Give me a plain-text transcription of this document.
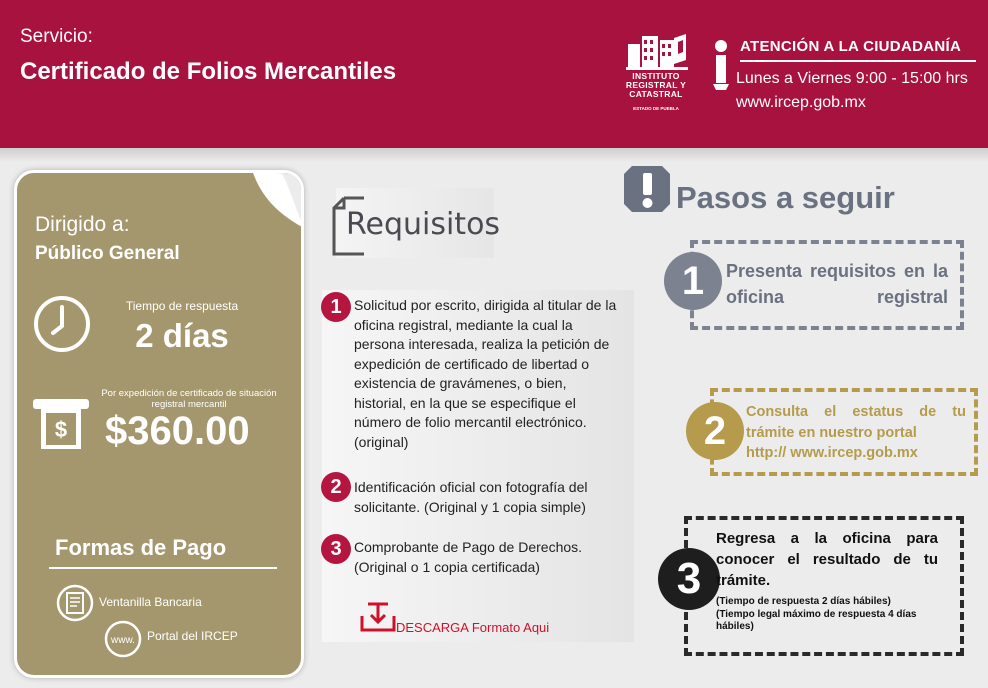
Servicio:
Certificado de Folios Mercantiles	INSTITUTO
REGISTRAL Y
CATASTRAL
ESTADO DE PUEBLA
ATENCIÓN A LA CIUDADANÍA
Lunes a Viernes 9:00 - 15:00 hrs
www.ircep.gob.mx
Dirigido a:
Público General
Tiempo de respuesta
2 días
$
Por expedición de certificado de situación
registral mercantil
$360.00
Formas de Pago
Ventanilla Bancaria
www. Portal del IRCEP
Requisitos
1 Solicitud por escrito, dirigida al titular de la oficina registral, mediante la cual la persona interesada, realiza la petición de expedición de certificado de libertad o existencia de gravámenes, o bien, historial, en la que se especifique el número de folio mercantil electrónico.(original)
2 Identificación oficial con fotografía del solicitante. (Original y 1 copia simple)
3 Comprobante de Pago de Derechos. (Original o 1 copia certificada)
DESCARGA Formato Aqui
Pasos a seguir
1	Presenta requisitos en la oficina registral
2	Consulta el estatus de tu trámite en nuestro portal
http:// www.ircep.gob.mx
3
Regresa a la oficina para conocer el resultado de tu trámite.
(Tiempo de respuesta 2 días hábiles)
(Tiempo legal máximo de respuesta 4 días hábiles)
